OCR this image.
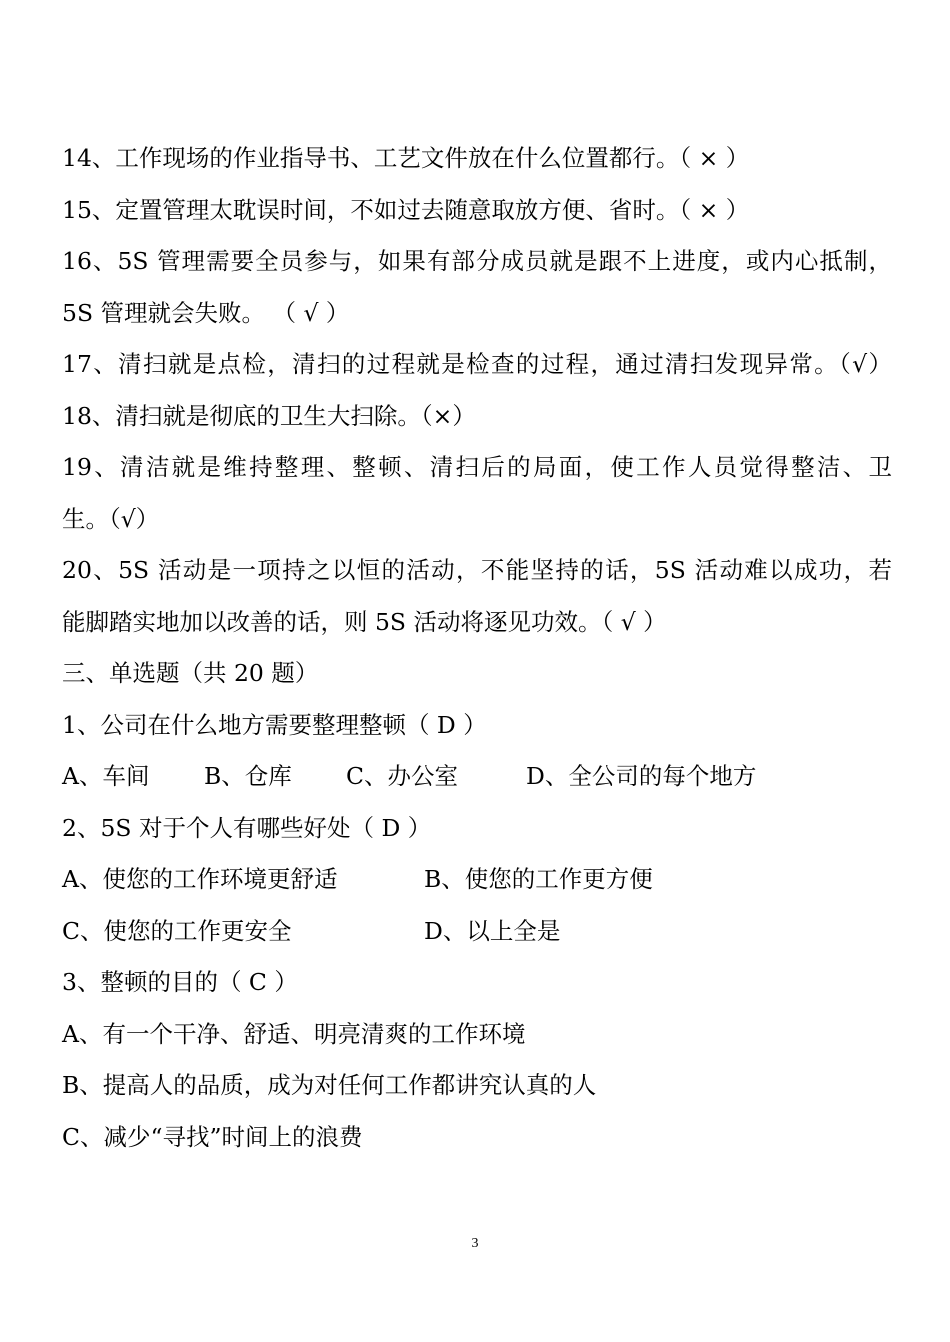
14、工作现场的作业指导书、工艺文件放在什么位置都行。（ × ）
15、定置管理太耽误时间，不如过去随意取放方便、省时。（ × ）
16、5S 管理需要全员参与，如果有部分成员就是跟不上进度，或内心抵制，
5S 管理就会失败。 （ √ ）
17、清扫就是点检，清扫的过程就是检查的过程，通过清扫发现异常。（√）
18、清扫就是彻底的卫生大扫除。（×）
19、清洁就是维持整理、整顿、清扫后的局面，使工作人员觉得整洁、卫
生。（√）
20、5S 活动是一项持之以恒的活动，不能坚持的话，5S 活动难以成功，若
能脚踏实地加以改善的话，则 5S 活动将逐见功效。（ √ ）
三、单选题（共 20 题）
1、公司在什么地方需要整理整顿（ D ）
A、车间	B、仓库	C、办公室	D、全公司的每个地方
2、5S 对于个人有哪些好处（ D ）
A、使您的工作环境更舒适	B、使您的工作更方便
C、使您的工作更安全	D、以上全是
3、整顿的目的（ C ）
A、有一个干净、舒适、明亮清爽的工作环境
B、提高人的品质，成为对任何工作都讲究认真的人
C、减少“寻找”时间上的浪费
3
